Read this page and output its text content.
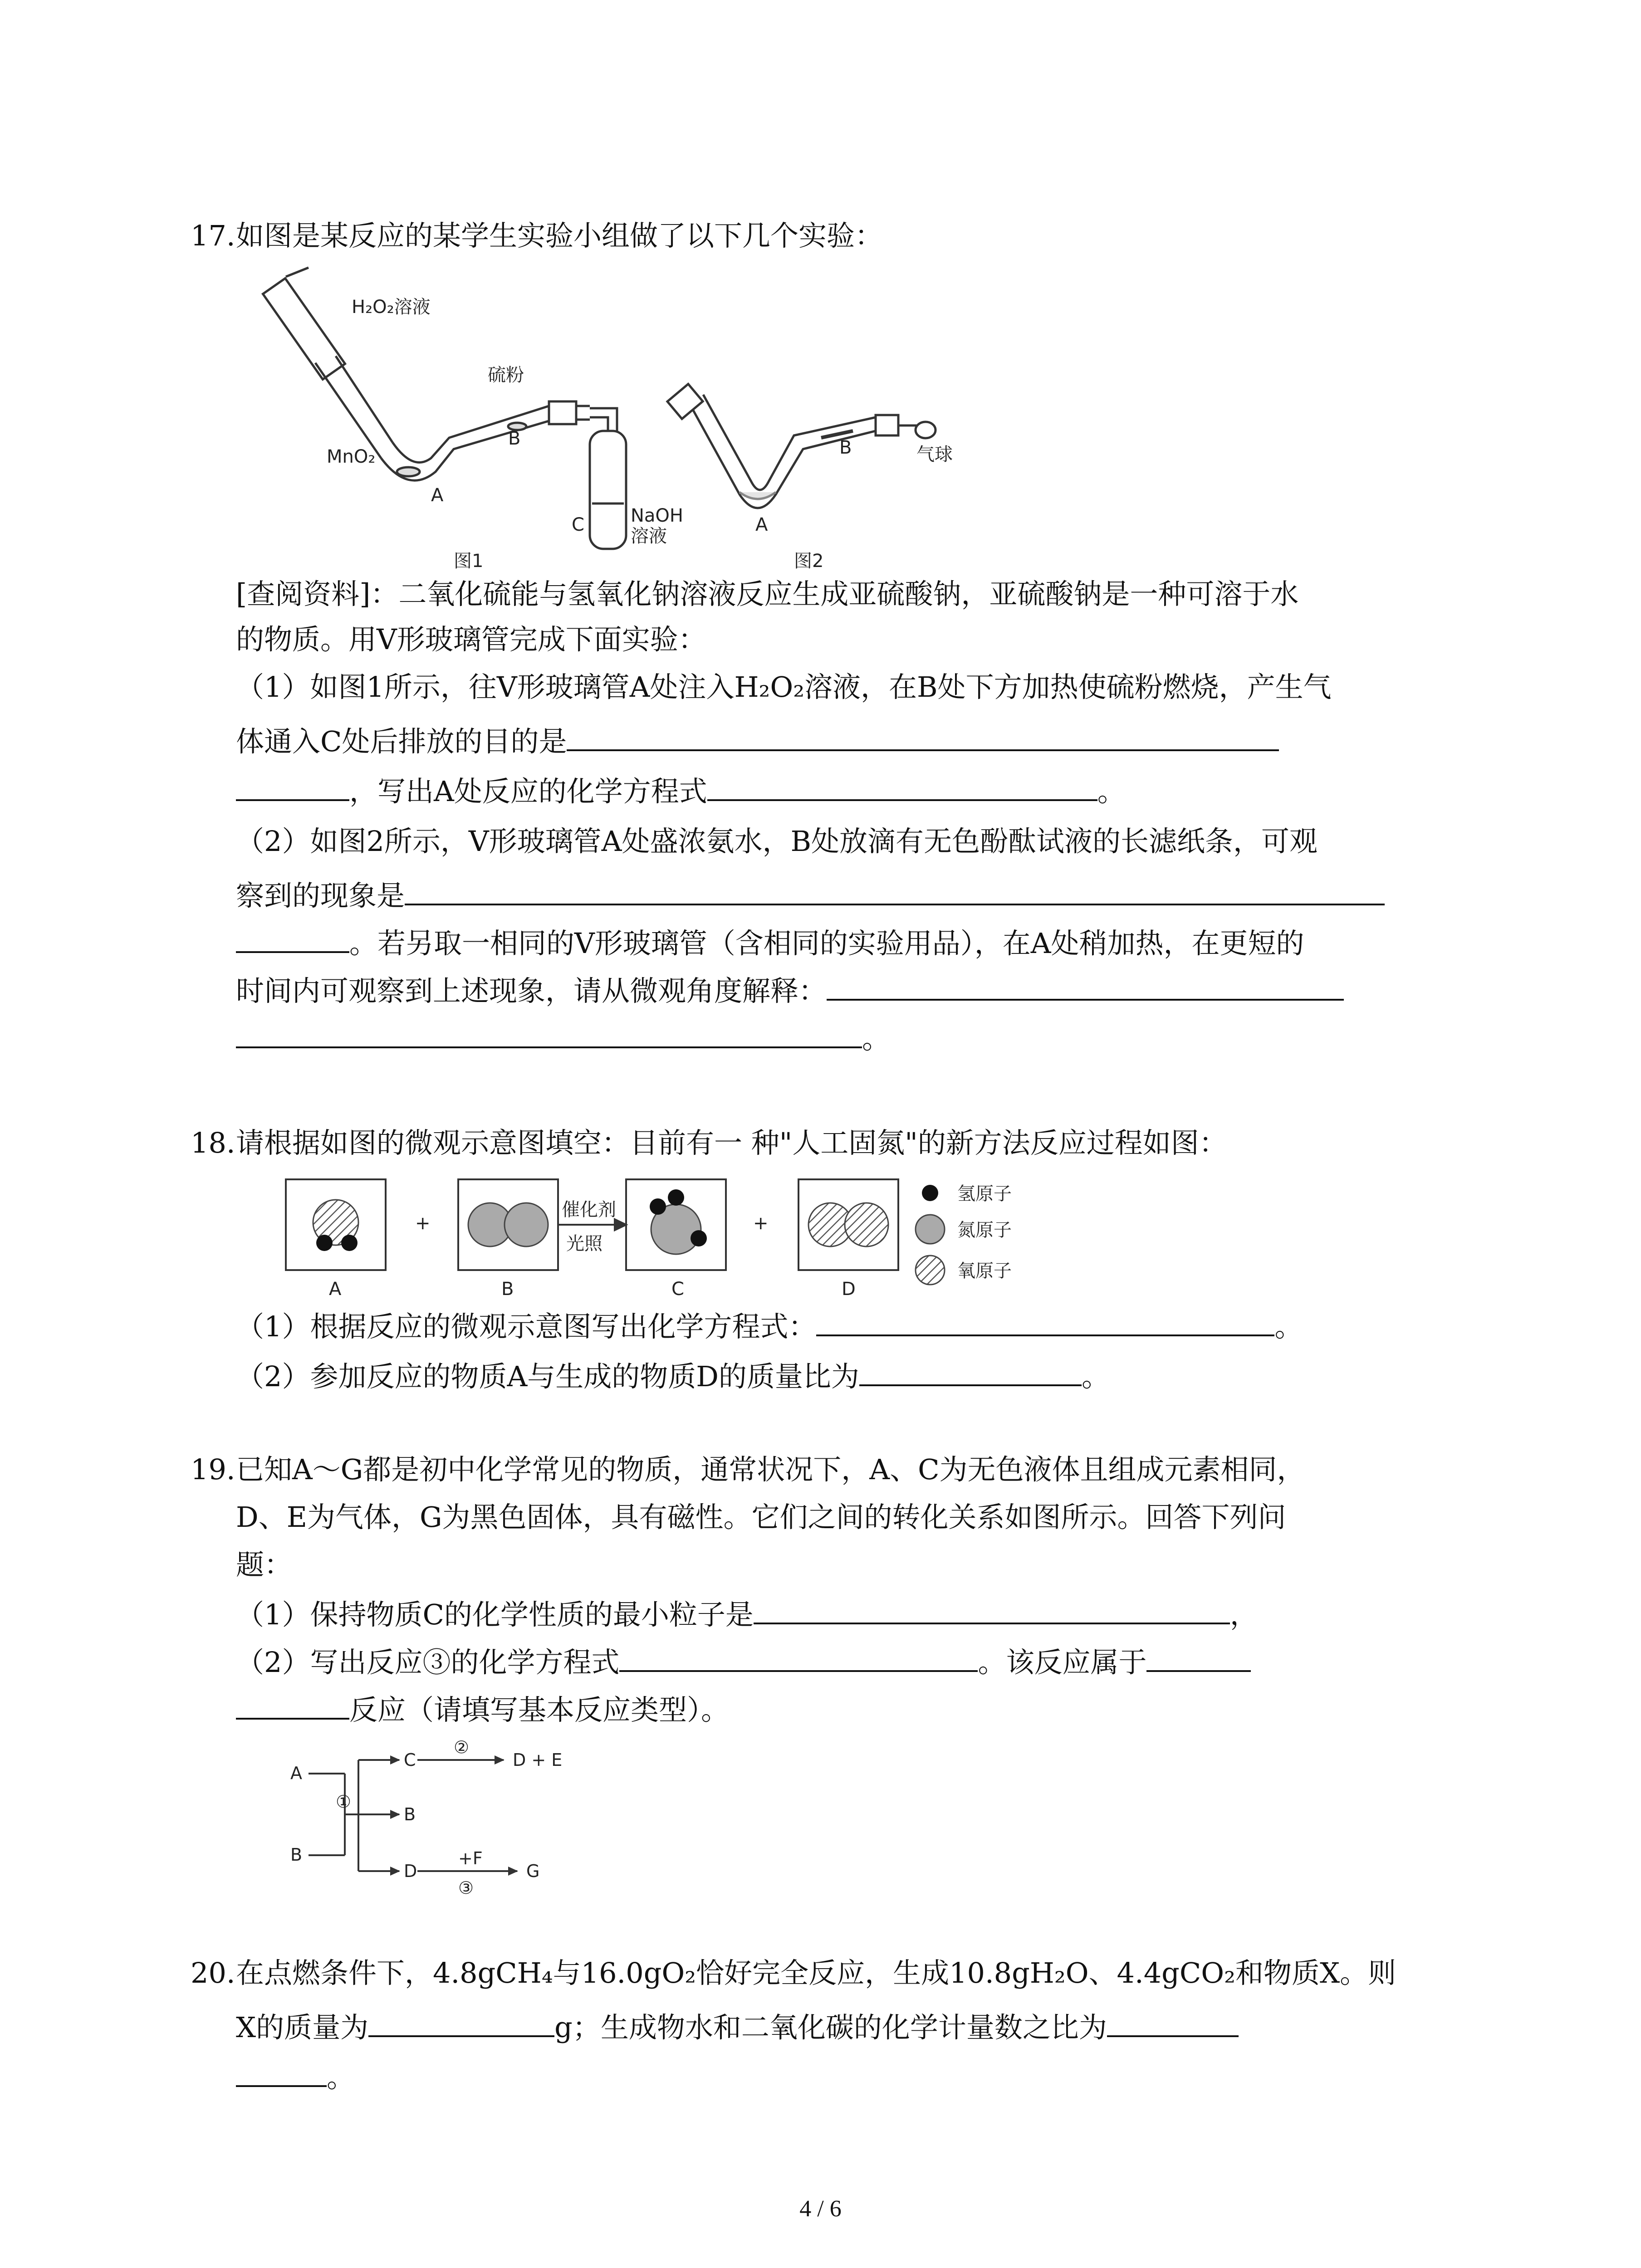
17. 如图是某反应的某学生实验小组做了以下几个实验：
H₂O₂溶液
硫粉
MnO₂
A
B
C	NaOH
溶液
图1
A
B	气球
图2
[查阅资料]：二氧化硫能与氢氧化钠溶液反应生成亚硫酸钠，亚硫酸钠是一种可溶于水
的物质。用V形玻璃管完成下面实验：
（1）如图1所示，往V形玻璃管A处注入H₂O₂溶液，在B处下方加热使硫粉燃烧，产生气
体通入C处后排放的目的是
，写出A处反应的化学方程式	。
（2）如图2所示，V形玻璃管A处盛浓氨水，B处放滴有无色酚酞试液的长滤纸条，可观
察到的现象是
。若另取一相同的V形玻璃管（含相同的实验用品），在A处稍加热，在更短的
时间内可观察到上述现象，请从微观角度解释：
。
18. 请根据如图的微观示意图填空：目前有一 种"人工固氮"的新方法反应过程如图：
A	B	C	D
+	+
催化剂
光照
氢原子
氮原子
氧原子
（1）根据反应的微观示意图写出化学方程式：	。
（2）参加反应的物质A与生成的物质D的质量比为	。
19. 已知A～G都是初中化学常见的物质，通常状况下，A、C为无色液体且组成元素相同，
D、E为气体，G为黑色固体，具有磁性。它们之间的转化关系如图所示。回答下列问
题：
（1）保持物质C的化学性质的最小粒子是	，
（2）写出反应③的化学方程式	。该反应属于
反应（请填写基本反应类型）。
A
B
①
C
②
D + E
B
D
+F
③
G
20. 在点燃条件下，4.8gCH₄与16.0gO₂恰好完全反应，生成10.8gH₂O、4.4gCO₂和物质X。则
X的质量为	g；生成物水和二氧化碳的化学计量数之比为
。
4 / 6
